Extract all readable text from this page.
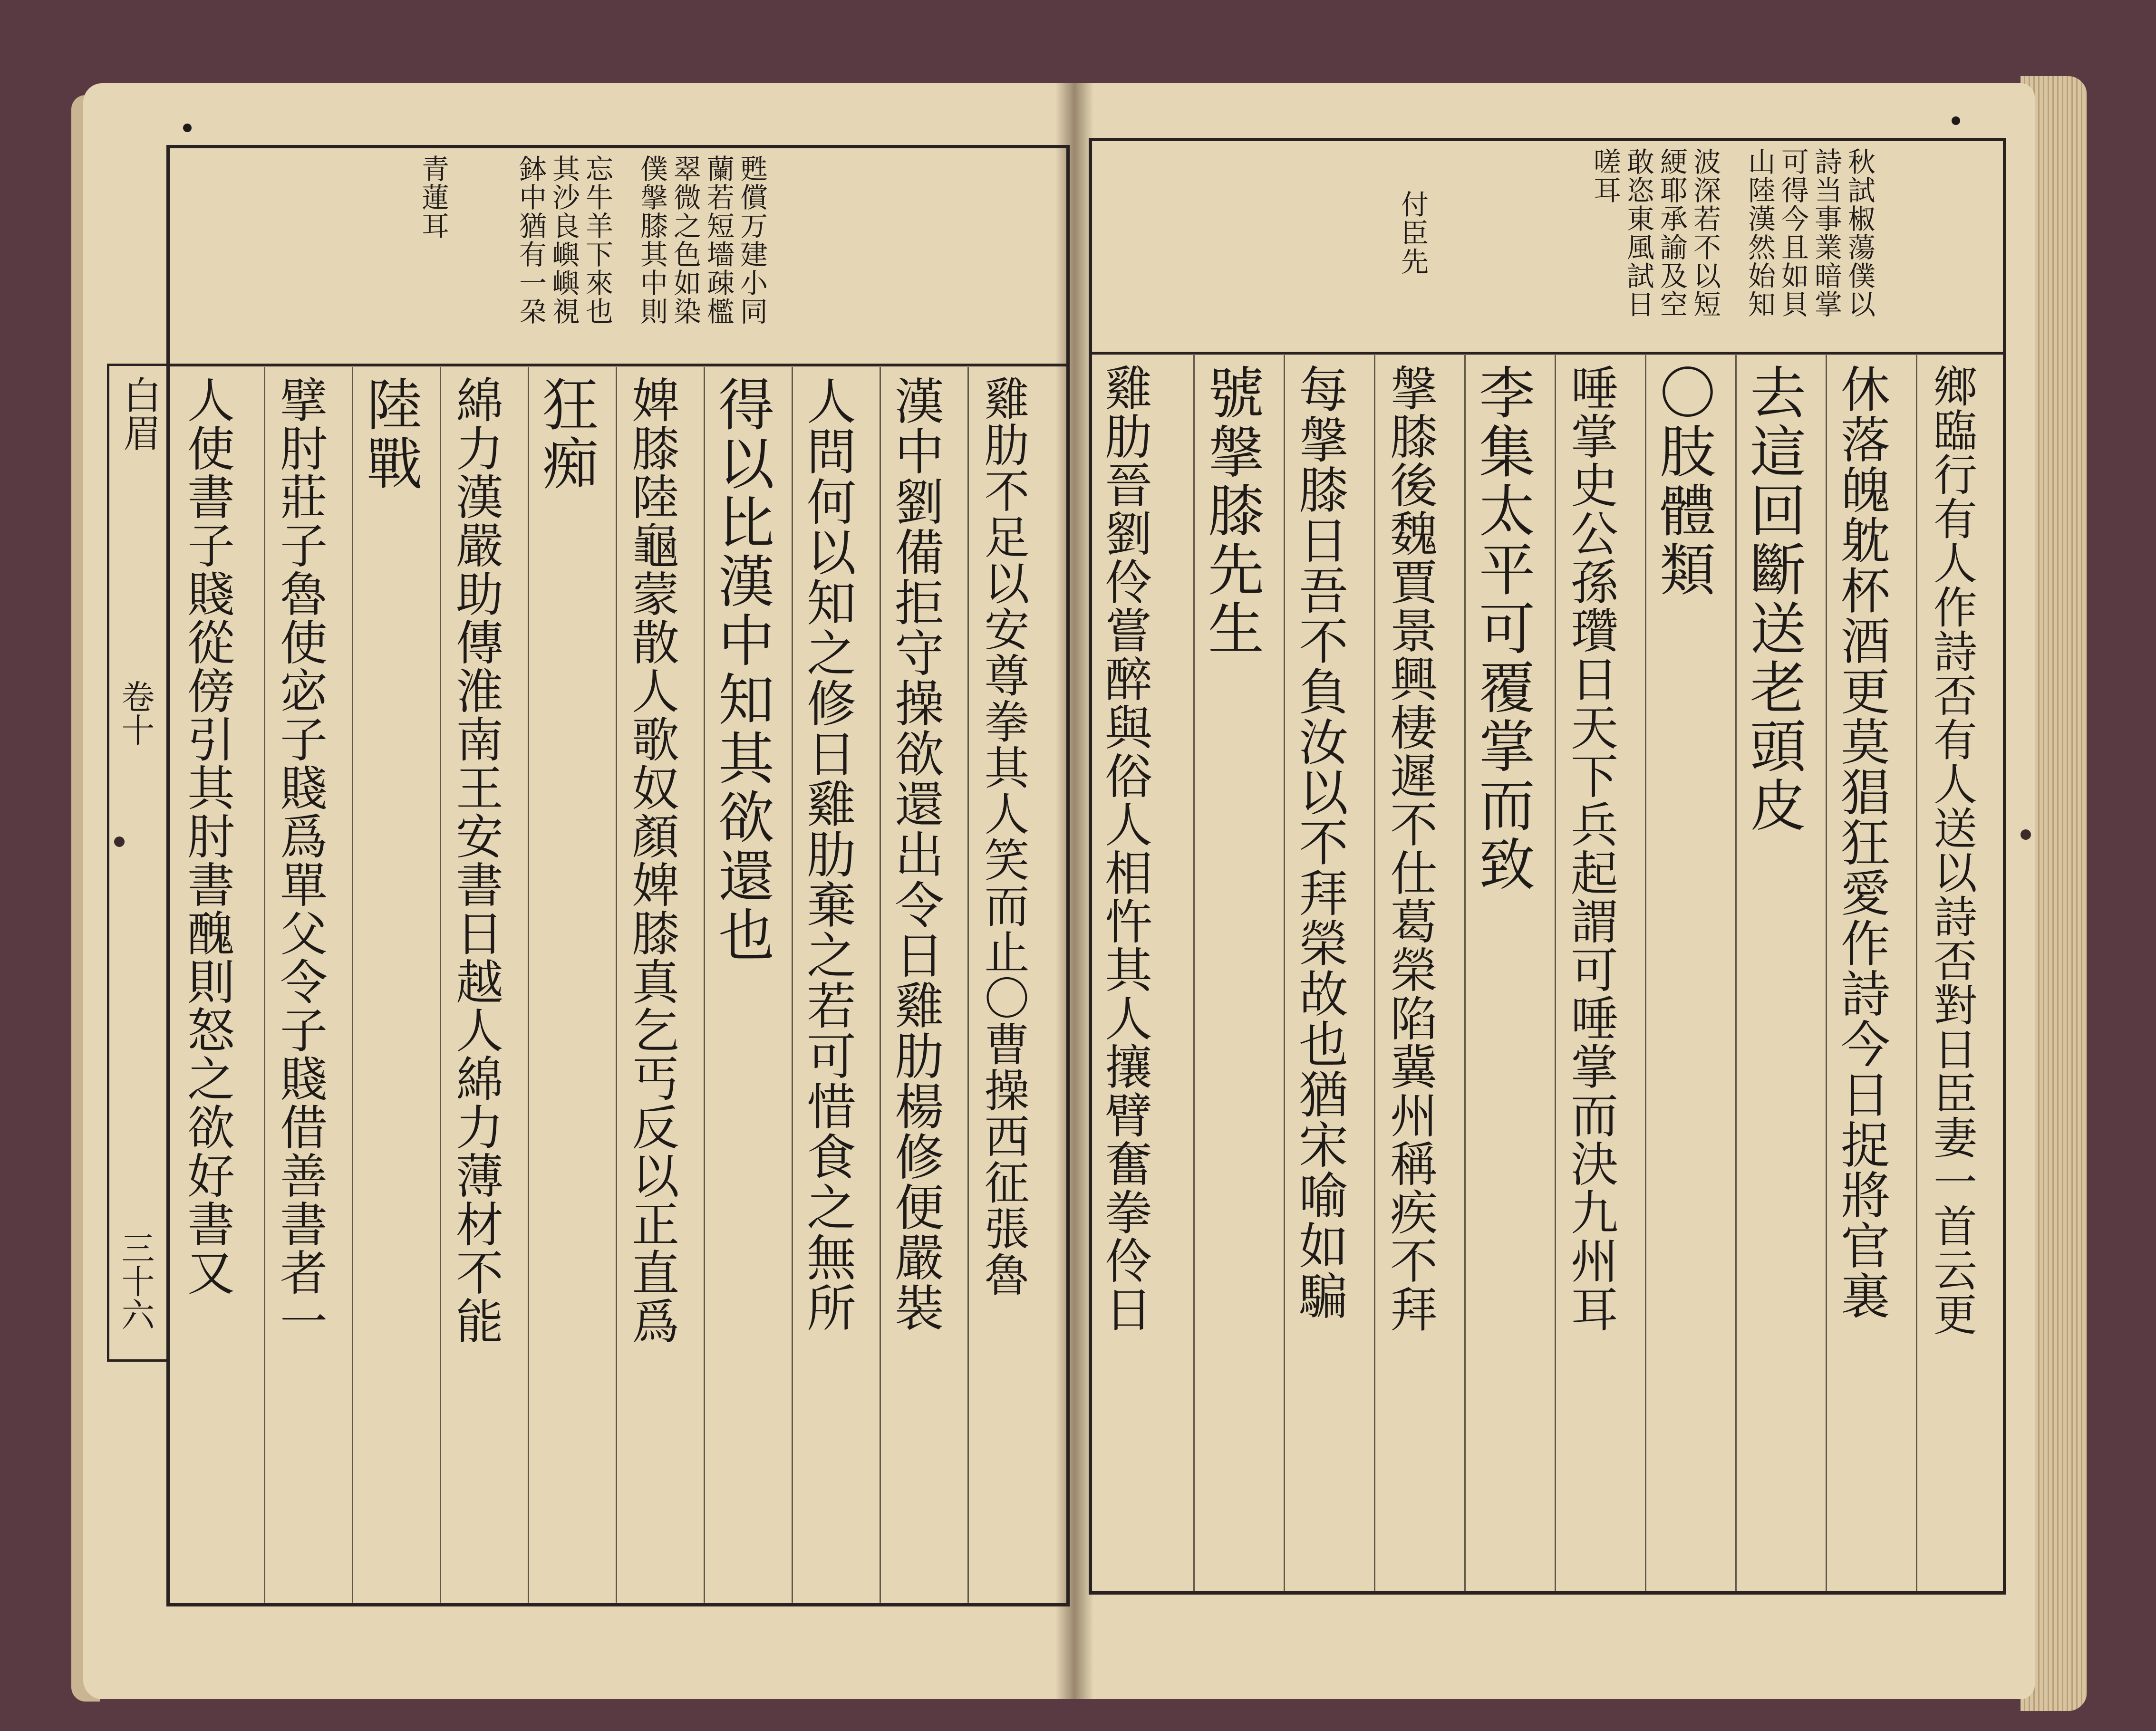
白眉
卷十
三十六
甦償万建小同
蘭若短墻疎檻
翠微之色如染
僕搫膝其中則
忘牛羊下來也
其沙良嶼嶼視
鉢中猶有一朶
青蓮耳
雞肋不足以安尊拳其人笑而止〇曹操西征張魯
漢中劉備拒守操欲還出令日雞肋楊修便嚴裝
人問何以知之修日雞肋棄之若可惜食之無所
得以比漢中知其欲還也
婢膝陸龜蒙散人歌奴顏婢膝真乞丐反以正直爲
狂痴
綿力漢嚴助傳淮南王安書日越人綿力薄材不能
陸戰
擘肘莊子魯使宓子賤爲單父令子賤借善書者一
人使書子賤從傍引其肘書醜則怒之欲好書又
秋試椒蕩僕以
詩当事業暗掌
可得今且如貝
山陸漢然始知
波深若不以短
綆耶承諭及空
敢恣東風試日
嗟耳
付臣先
鄉臨行有人作詩否有人送以詩否對日臣妻一首云更
休落魄躭杯酒更莫猖狂愛作詩今日捉將官裏
去這回斷送老頭皮
〇肢體類
唾掌史公孫瓚日天下兵起謂可唾掌而決九州耳
李集太平可覆掌而致
搫膝後魏賈景興棲遲不仕葛榮陷冀州稱疾不拜
每搫膝日吾不負汝以不拜榮故也猶宋喻如騙
號搫膝先生
雞肋晉劉伶嘗醉與俗人相忤其人攘臂奮拳伶日
